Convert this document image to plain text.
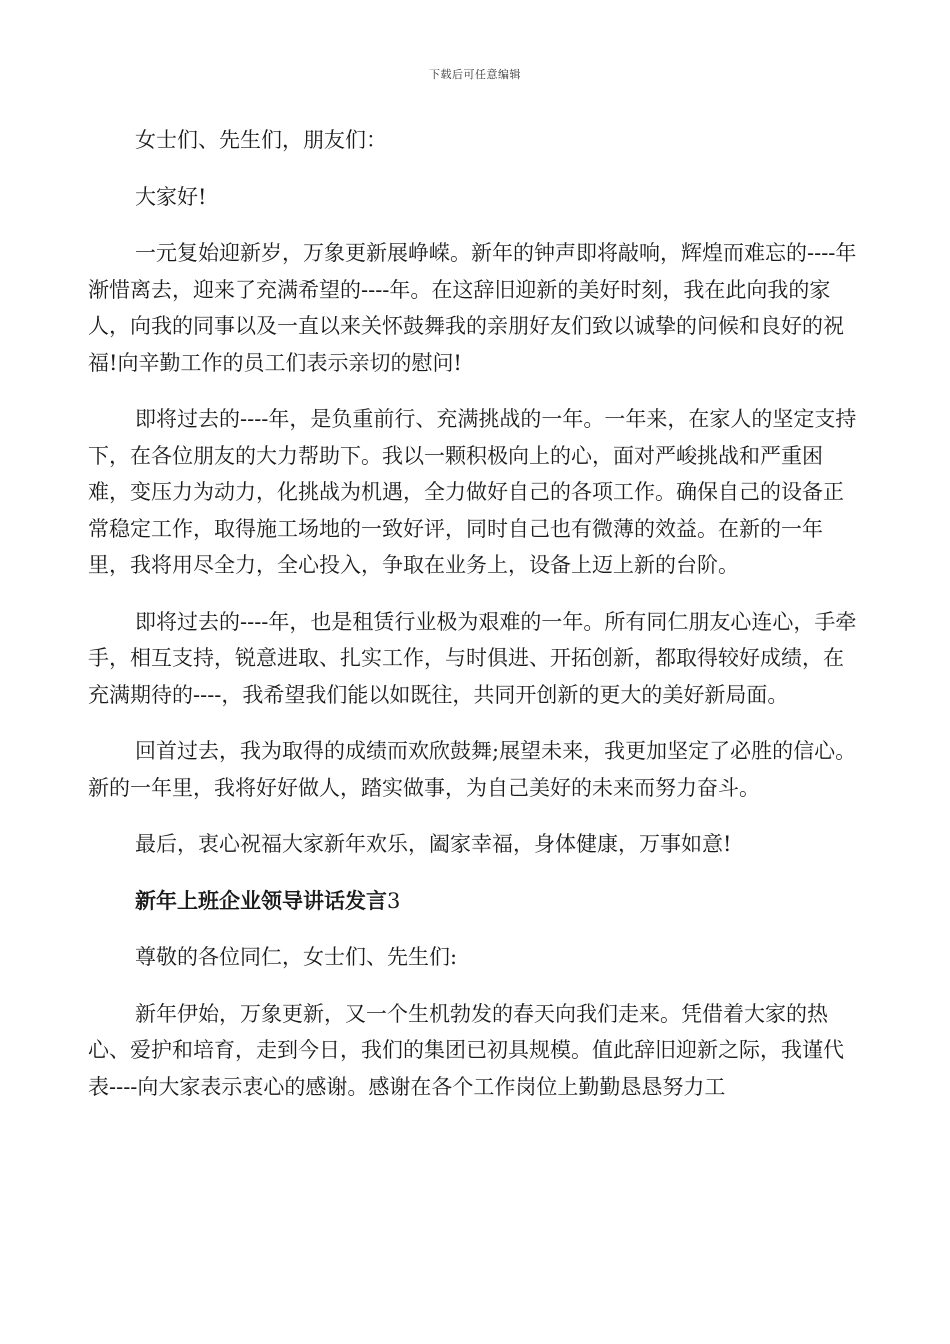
下载后可任意编辑

女士们、先生们，朋友们：

大家好!

一元复始迎新岁，万象更新展峥嵘。新年的钟声即将敲响，辉煌而难忘的----年渐惜离去，迎来了充满希望的----年。在这辞旧迎新的美好时刻，我在此向我的家人，向我的同事以及一直以来关怀鼓舞我的亲朋好友们致以诚挚的问候和良好的祝福!向辛勤工作的员工们表示亲切的慰问!

即将过去的----年，是负重前行、充满挑战的一年。一年来，在家人的坚定支持下，在各位朋友的大力帮助下。我以一颗积极向上的心，面对严峻挑战和严重困难，变压力为动力，化挑战为机遇，全力做好自己的各项工作。确保自己的设备正常稳定工作，取得施工场地的一致好评，同时自己也有微薄的效益。在新的一年里，我将用尽全力，全心投入，争取在业务上，设备上迈上新的台阶。

即将过去的----年，也是租赁行业极为艰难的一年。所有同仁朋友心连心，手牵手，相互支持，锐意进取、扎实工作，与时俱进、开拓创新，都取得较好成绩，在充满期待的----，我希望我们能以如既往，共同开创新的更大的美好新局面。

回首过去，我为取得的成绩而欢欣鼓舞;展望未来，我更加坚定了必胜的信心。新的一年里，我将好好做人，踏实做事，为自己美好的未来而努力奋斗。

最后，衷心祝福大家新年欢乐，阖家幸福，身体健康，万事如意!

新年上班企业领导讲话发言3

尊敬的各位同仁，女士们、先生们:

新年伊始，万象更新，又一个生机勃发的春天向我们走来。凭借着大家的热心、爱护和培育，走到今日，我们的集团已初具规模。值此辞旧迎新之际，我谨代表----向大家表示衷心的感谢。感谢在各个工作岗位上勤勤恳恳努力工
